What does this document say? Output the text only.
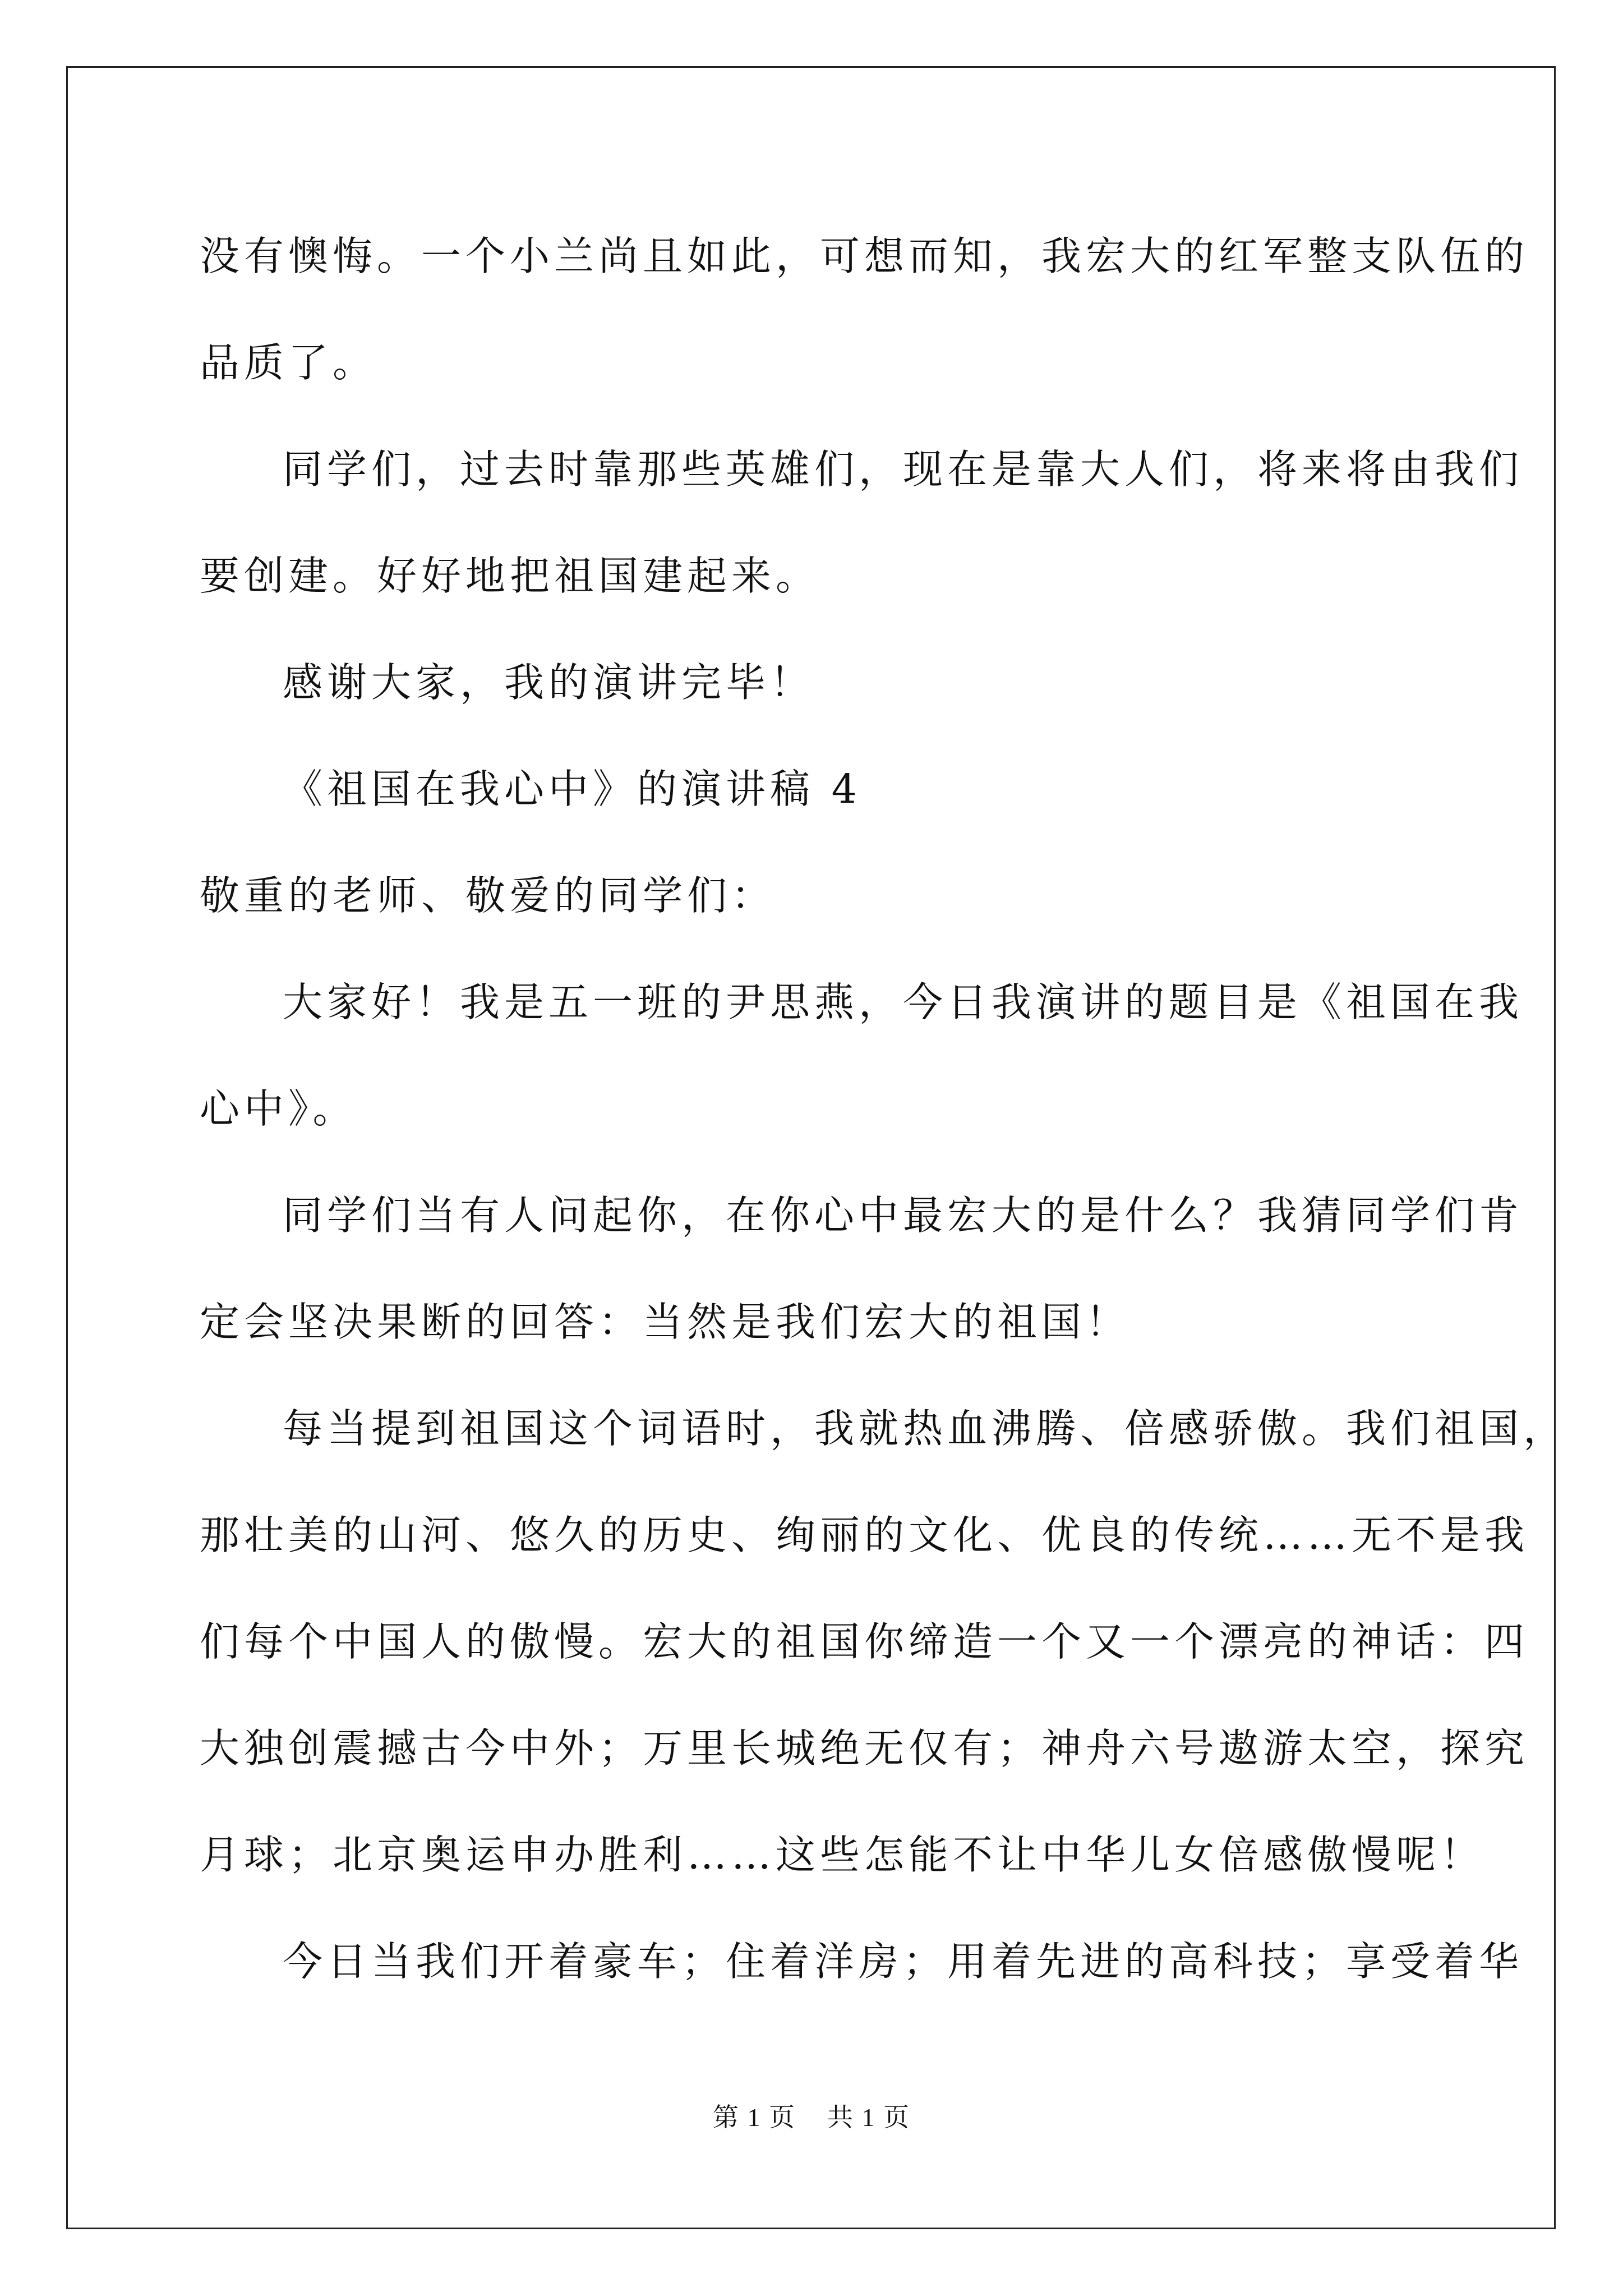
没有懊悔。一个小兰尚且如此，可想而知，我宏大的红军整支队伍的
品质了。
同学们，过去时靠那些英雄们，现在是靠大人们，将来将由我们
要创建。好好地把祖国建起来。
感谢大家，我的演讲完毕！
《祖国在我心中》的演讲稿 4
敬重的老师、敬爱的同学们：
大家好！我是五一班的尹思燕，今日我演讲的题目是《祖国在我
心中》。
同学们当有人问起你，在你心中最宏大的是什么？我猜同学们肯
定会坚决果断的回答：当然是我们宏大的祖国！
每当提到祖国这个词语时，我就热血沸腾、倍感骄傲。我们祖国，
那壮美的山河、悠久的历史、绚丽的文化、优良的传统……无不是我
们每个中国人的傲慢。宏大的祖国你缔造一个又一个漂亮的神话：四
大独创震撼古今中外；万里长城绝无仅有；神舟六号遨游太空，探究
月球；北京奥运申办胜利……这些怎能不让中华儿女倍感傲慢呢！
今日当我们开着豪车；住着洋房；用着先进的高科技；享受着华
第 1 页 共 1 页
